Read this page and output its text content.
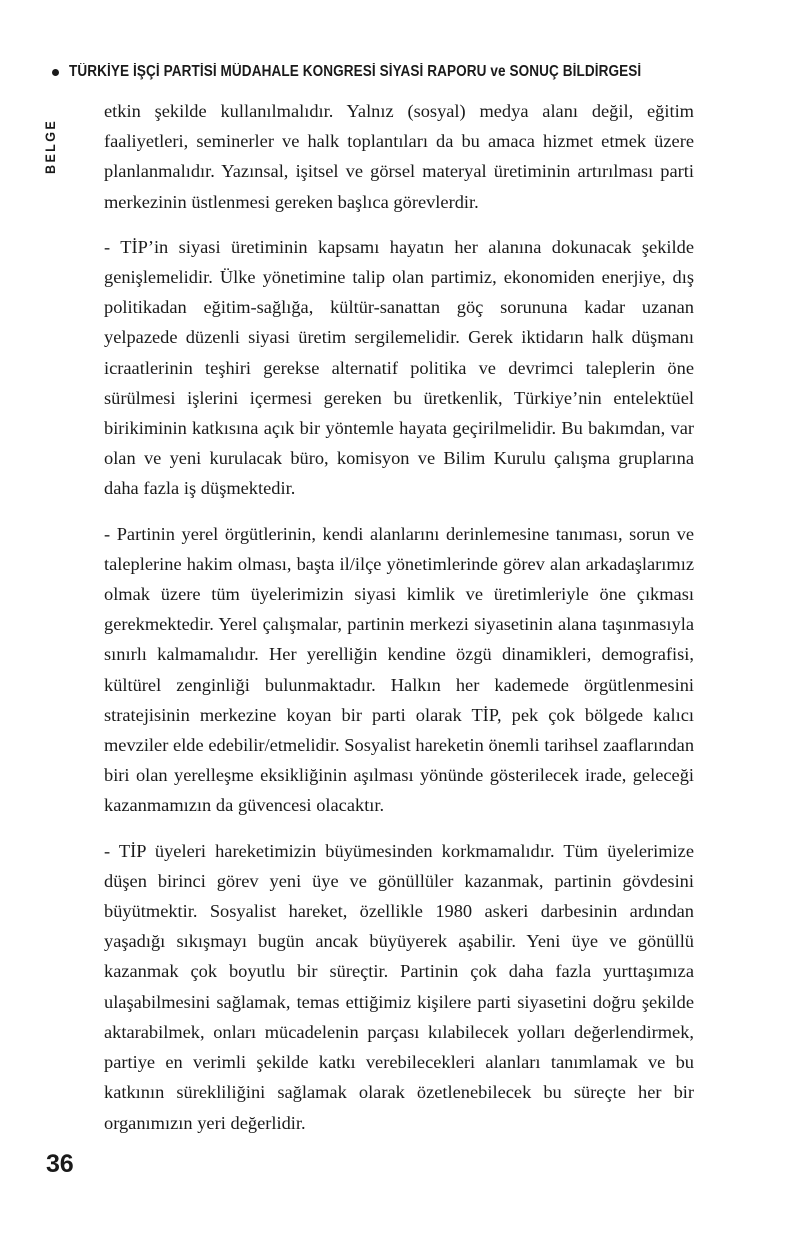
TÜRKİYE İŞÇİ PARTİSİ MÜDAHALE KONGRESİ SİYASİ RAPORU ve SONUÇ BİLDİRGESİ
BELGE

etkin şekilde kullanılmalıdır. Yalnız (sosyal) medya alanı değil, eğitim faaliyetleri, seminerler ve halk toplantıları da bu amaca hizmet etmek üzere planlanmalıdır. Yazınsal, işitsel ve görsel materyal üretiminin artırılması parti merkezinin üstlenmesi gereken başlıca görevlerdir.

- TİP’in siyasi üretiminin kapsamı hayatın her alanına dokunacak şekilde genişlemelidir. Ülke yönetimine talip olan partimiz, ekonomiden enerjiye, dış politikadan eğitim-sağlığa, kültür-sanattan göç sorununa kadar uzanan yelpazede düzenli siyasi üretim sergilemelidir. Gerek iktidarın halk düşmanı icraatlerinin teşhiri gerekse alternatif politika ve devrimci taleplerin öne sürülmesi işlerini içermesi gereken bu üretkenlik, Türkiye’nin entelektüel birikiminin katkısına açık bir yöntemle hayata geçirilmelidir. Bu bakımdan, var olan ve yeni kurulacak büro, komisyon ve Bilim Kurulu çalışma gruplarına daha fazla iş düşmektedir.

- Partinin yerel örgütlerinin, kendi alanlarını derinlemesine tanıması, sorun ve taleplerine hakim olması, başta il/ilçe yönetimlerinde görev alan arkadaşlarımız olmak üzere tüm üyelerimizin siyasi kimlik ve üretimleriyle öne çıkması gerekmektedir. Yerel çalışmalar, partinin merkezi siyasetinin alana taşınmasıyla sınırlı kalmamalıdır. Her yerelliğin kendine özgü dinamikleri, demografisi, kültürel zenginliği bulunmaktadır. Halkın her kademede örgütlenmesini stratejisinin merkezine koyan bir parti olarak TİP, pek çok bölgede kalıcı mevziler elde edebilir/etmelidir. Sosyalist hareketin önemli tarihsel zaaflarından biri olan yerelleşme eksikliğinin aşılması yönünde gösterilecek irade, geleceği kazanmamızın da güvencesi olacaktır.

- TİP üyeleri hareketimizin büyümesinden korkmamalıdır. Tüm üyelerimize düşen birinci görev yeni üye ve gönüllüler kazanmak, partinin gövdesini büyütmektir. Sosyalist hareket, özellikle 1980 askeri darbesinin ardından yaşadığı sıkışmayı bugün ancak büyüyerek aşabilir. Yeni üye ve gönüllü kazanmak çok boyutlu bir süreçtir. Partinin çok daha fazla yurttaşımıza ulaşabilmesini sağlamak, temas ettiğimiz kişilere parti siyasetini doğru şekilde aktarabilmek, onları mücadelenin parçası kılabilecek yolları değerlendirmek, partiye en verimli şekilde katkı verebilecekleri alanları tanımlamak ve bu katkının sürekliliğini sağlamak olarak özetlenebilecek bu süreçte her bir organımızın yeri değerlidir.

36
